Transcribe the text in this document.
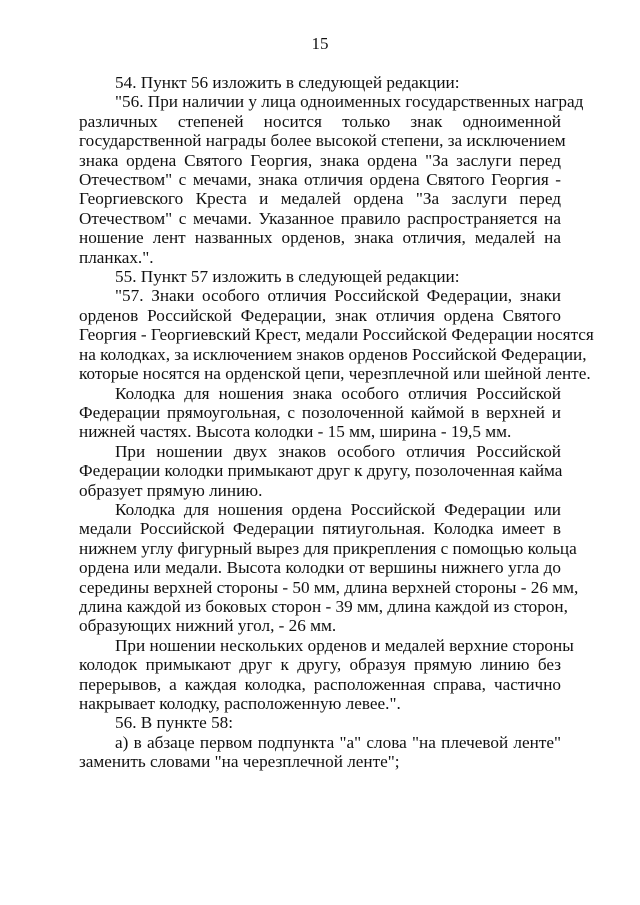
15
54. Пункт 56 изложить в следующей редакции:
"56. При наличии у лица одноименных государственных наград
различных степеней носится только знак одноименной
государственной награды более высокой степени, за исключением
знака ордена Святого Георгия, знака ордена "За заслуги перед
Отечеством" с мечами, знака отличия ордена Святого Георгия -
Георгиевского Креста и медалей ордена "За заслуги перед
Отечеством" с мечами. Указанное правило распространяется на
ношение лент названных орденов, знака отличия, медалей на
планках.".
55. Пункт 57 изложить в следующей редакции:
"57. Знаки особого отличия Российской Федерации, знаки
орденов Российской Федерации, знак отличия ордена Святого
Георгия - Георгиевский Крест, медали Российской Федерации носятся
на колодках, за исключением знаков орденов Российской Федерации,
которые носятся на орденской цепи, черезплечной или шейной ленте.
Колодка для ношения знака особого отличия Российской
Федерации прямоугольная, с позолоченной каймой в верхней и
нижней частях. Высота колодки - 15 мм, ширина - 19,5 мм.
При ношении двух знаков особого отличия Российской
Федерации колодки примыкают друг к другу, позолоченная кайма
образует прямую линию.
Колодка для ношения ордена Российской Федерации или
медали Российской Федерации пятиугольная. Колодка имеет в
нижнем углу фигурный вырез для прикрепления с помощью кольца
ордена или медали. Высота колодки от вершины нижнего угла до
середины верхней стороны - 50 мм, длина верхней стороны - 26 мм,
длина каждой из боковых сторон - 39 мм, длина каждой из сторон,
образующих нижний угол, - 26 мм.
При ношении нескольких орденов и медалей верхние стороны
колодок примыкают друг к другу, образуя прямую линию без
перерывов, а каждая колодка, расположенная справа, частично
накрывает колодку, расположенную левее.".
56. В пункте 58:
а) в абзаце первом подпункта "а" слова "на плечевой ленте"
заменить словами "на черезплечной ленте";
